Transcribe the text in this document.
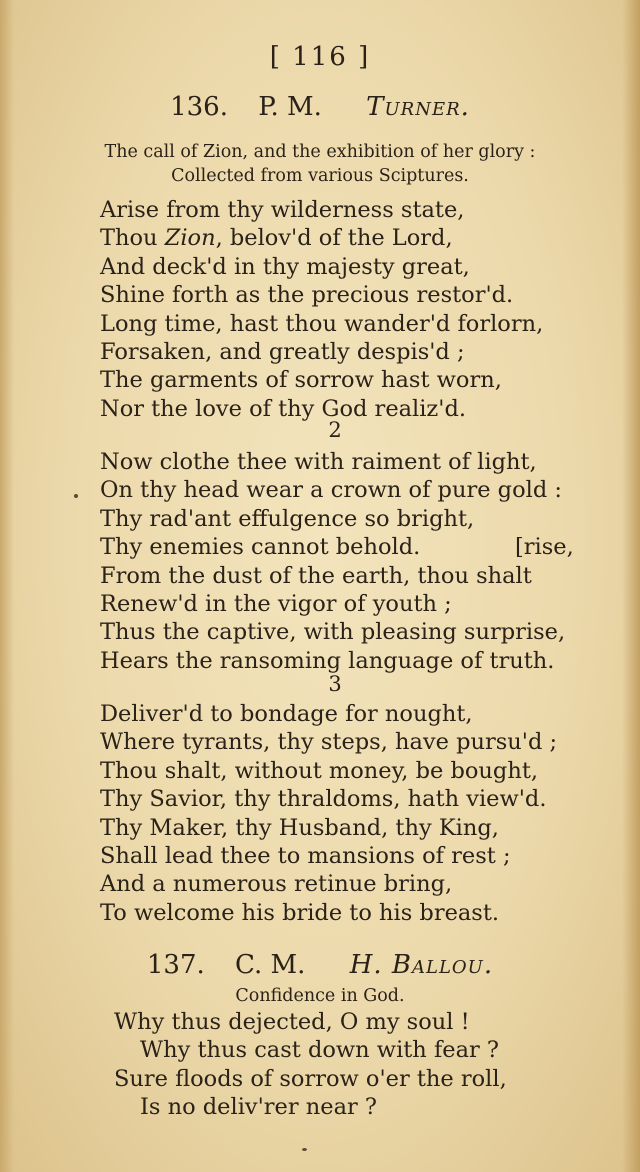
[ 116 ]
136. P. M. Turner.
The call of Zion, and the exhibition of her glory :
Collected from various Sciptures.
Arise from thy wilderness state,
Thou Zion, belov'd of the Lord,
And deck'd in thy majesty great,
Shine forth as the precious restor'd.
Long time, hast thou wander'd forlorn,
Forsaken, and greatly despis'd ;
The garments of sorrow hast worn,
Nor the love of thy God realiz'd.
2
Now clothe thee with raiment of light,
On thy head wear a crown of pure gold :
Thy rad'ant effulgence so bright,
Thy enemies cannot behold.	[rise,
From the dust of the earth, thou shalt
Renew'd in the vigor of youth ;
Thus the captive, with pleasing surprise,
Hears the ransoming language of truth.
3
Deliver'd to bondage for nought,
Where tyrants, thy steps, have pursu'd ;
Thou shalt, without money, be bought,
Thy Savior, thy thraldoms, hath view'd.
Thy Maker, thy Husband, thy King,
Shall lead thee to mansions of rest ;
And a numerous retinue bring,
To welcome his bride to his breast.
137. C. M. H. Ballou.
Confidence in God.
Why thus dejected, O my soul !
Why thus cast down with fear ?
Sure floods of sorrow o'er the roll,
Is no deliv'rer near ?
